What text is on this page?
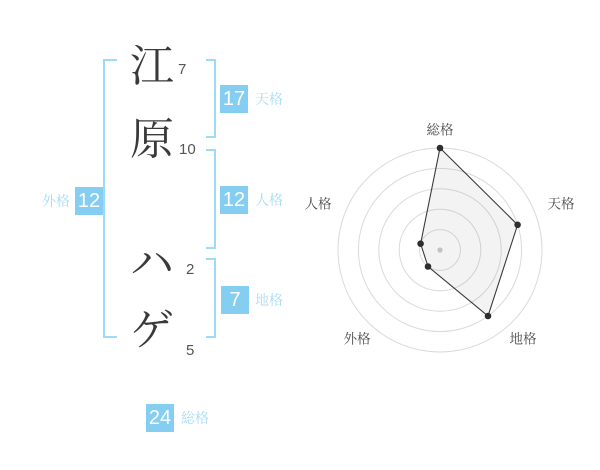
江
原
ハ
ゲ
7
10
2
5
17 天格
12 人格
7	地格
外格 12
24 総格
総格
天格
地格
外格
人格
